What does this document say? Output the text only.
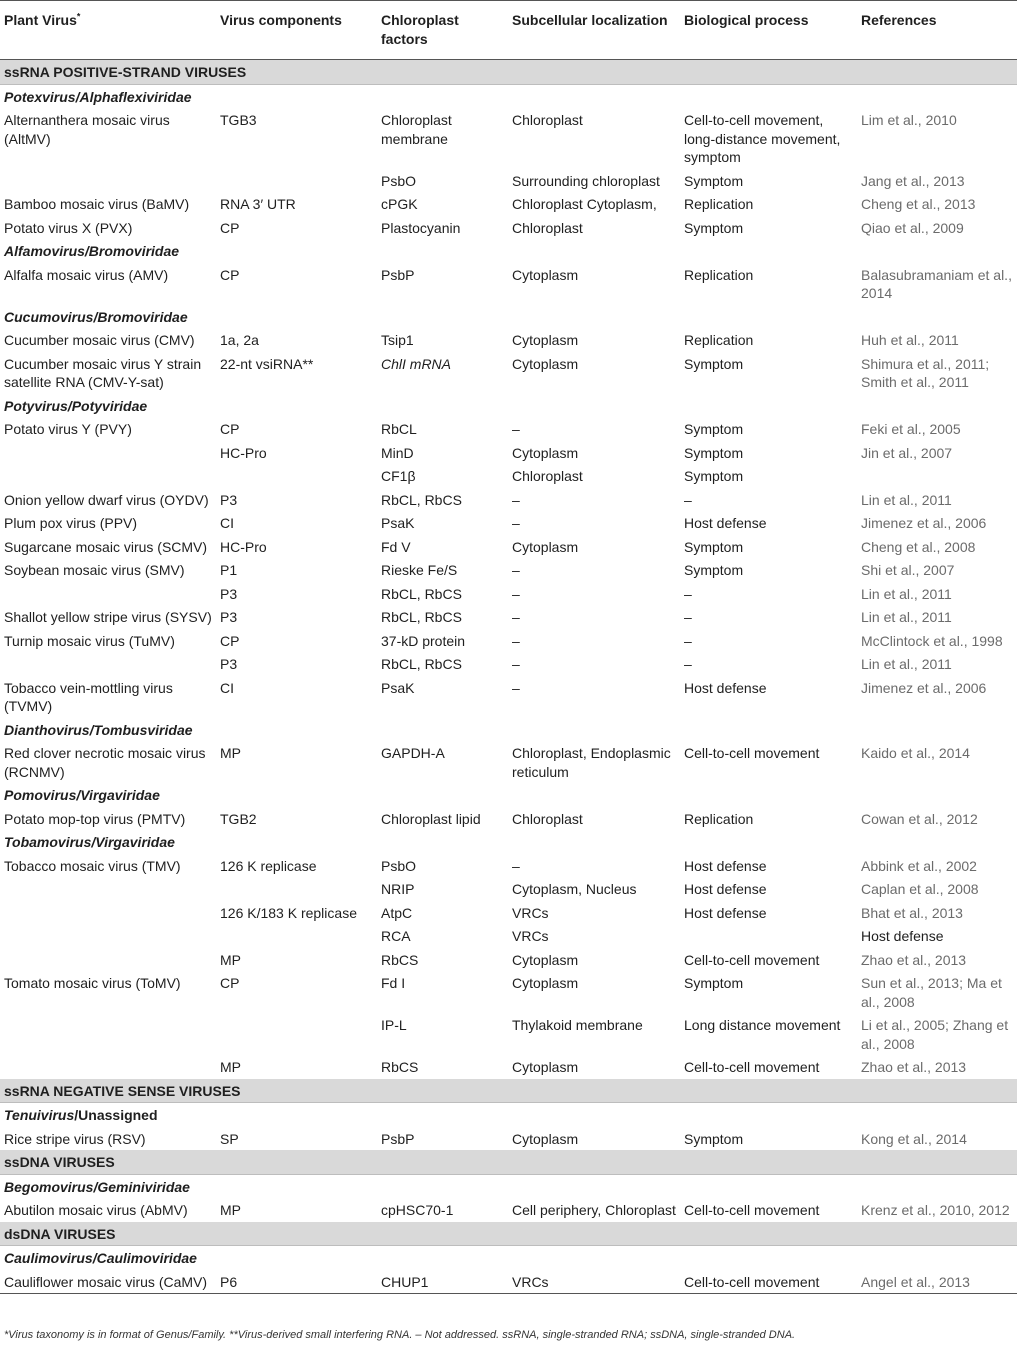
Plant Virus*	Virus components	Chloroplast factors	Subcellular localization	Biological process	References
ssRNA POSITIVE-STRAND VIRUSES					
Potexvirus/Alphaflexiviridae					
Alternanthera mosaic virus (AltMV)	TGB3	Chloroplast membrane	Chloroplast	Cell-to-cell movement, long-distance movement, symptom	Lim et al., 2010
		PsbO	Surrounding chloroplast	Symptom	Jang et al., 2013
Bamboo mosaic virus (BaMV)	RNA 3′ UTR	cPGK	Chloroplast Cytoplasm,	Replication	Cheng et al., 2013
Potato virus X (PVX)	CP	Plastocyanin	Chloroplast	Symptom	Qiao et al., 2009
Alfamovirus/Bromoviridae					
Alfalfa mosaic virus (AMV)	CP	PsbP	Cytoplasm	Replication	Balasubramaniam et al., 2014
Cucumovirus/Bromoviridae					
Cucumber mosaic virus (CMV)	1a, 2a	Tsip1	Cytoplasm	Replication	Huh et al., 2011
Cucumber mosaic virus Y strain satellite RNA (CMV-Y-sat)	22-nt vsiRNA**	ChlI mRNA	Cytoplasm	Symptom	Shimura et al., 2011; Smith et al., 2011
Potyvirus/Potyviridae					
Potato virus Y (PVY)	CP	RbCL	–	Symptom	Feki et al., 2005
	HC-Pro	MinD	Cytoplasm	Symptom	Jin et al., 2007
		CF1β	Chloroplast	Symptom	
Onion yellow dwarf virus (OYDV)	P3	RbCL, RbCS	–	–	Lin et al., 2011
Plum pox virus (PPV)	CI	PsaK	–	Host defense	Jimenez et al., 2006
Sugarcane mosaic virus (SCMV)	HC-Pro	Fd V	Cytoplasm	Symptom	Cheng et al., 2008
Soybean mosaic virus (SMV)	P1	Rieske Fe/S	–	Symptom	Shi et al., 2007
	P3	RbCL, RbCS	–	–	Lin et al., 2011
Shallot yellow stripe virus (SYSV)	P3	RbCL, RbCS	–	–	Lin et al., 2011
Turnip mosaic virus (TuMV)	CP	37-kD protein	–	–	McClintock et al., 1998
	P3	RbCL, RbCS	–	–	Lin et al., 2011
Tobacco vein-mottling virus (TVMV)	CI	PsaK	–	Host defense	Jimenez et al., 2006
Dianthovirus/Tombusviridae					
Red clover necrotic mosaic virus (RCNMV)	MP	GAPDH-A	Chloroplast, Endoplasmic reticulum	Cell-to-cell movement	Kaido et al., 2014
Pomovirus/Virgaviridae					
Potato mop-top virus (PMTV)	TGB2	Chloroplast lipid	Chloroplast	Replication	Cowan et al., 2012
Tobamovirus/Virgaviridae					
Tobacco mosaic virus (TMV)	126 K replicase	PsbO	–	Host defense	Abbink et al., 2002
		NRIP	Cytoplasm, Nucleus	Host defense	Caplan et al., 2008
	126 K/183 K replicase	AtpC	VRCs	Host defense	Bhat et al., 2013
		RCA	VRCs		Host defense
	MP	RbCS	Cytoplasm	Cell-to-cell movement	Zhao et al., 2013
Tomato mosaic virus (ToMV)	CP	Fd I	Cytoplasm	Symptom	Sun et al., 2013; Ma et al., 2008
		IP-L	Thylakoid membrane	Long distance movement	Li et al., 2005; Zhang et al., 2008
	MP	RbCS	Cytoplasm	Cell-to-cell movement	Zhao et al., 2013
ssRNA NEGATIVE SENSE VIRUSES					
Tenuivirus/Unassigned					
Rice stripe virus (RSV)	SP	PsbP	Cytoplasm	Symptom	Kong et al., 2014
ssDNA VIRUSES					
Begomovirus/Geminiviridae					
Abutilon mosaic virus (AbMV)	MP	cpHSC70-1	Cell periphery, Chloroplast	Cell-to-cell movement	Krenz et al., 2010, 2012
dsDNA VIRUSES					
Caulimovirus/Caulimoviridae					
Cauliflower mosaic virus (CaMV)	P6	CHUP1	VRCs	Cell-to-cell movement	Angel et al., 2013
*Virus taxonomy is in format of Genus/Family. **Virus-derived small interfering RNA. – Not addressed. ssRNA, single-stranded RNA; ssDNA, single-stranded DNA.
